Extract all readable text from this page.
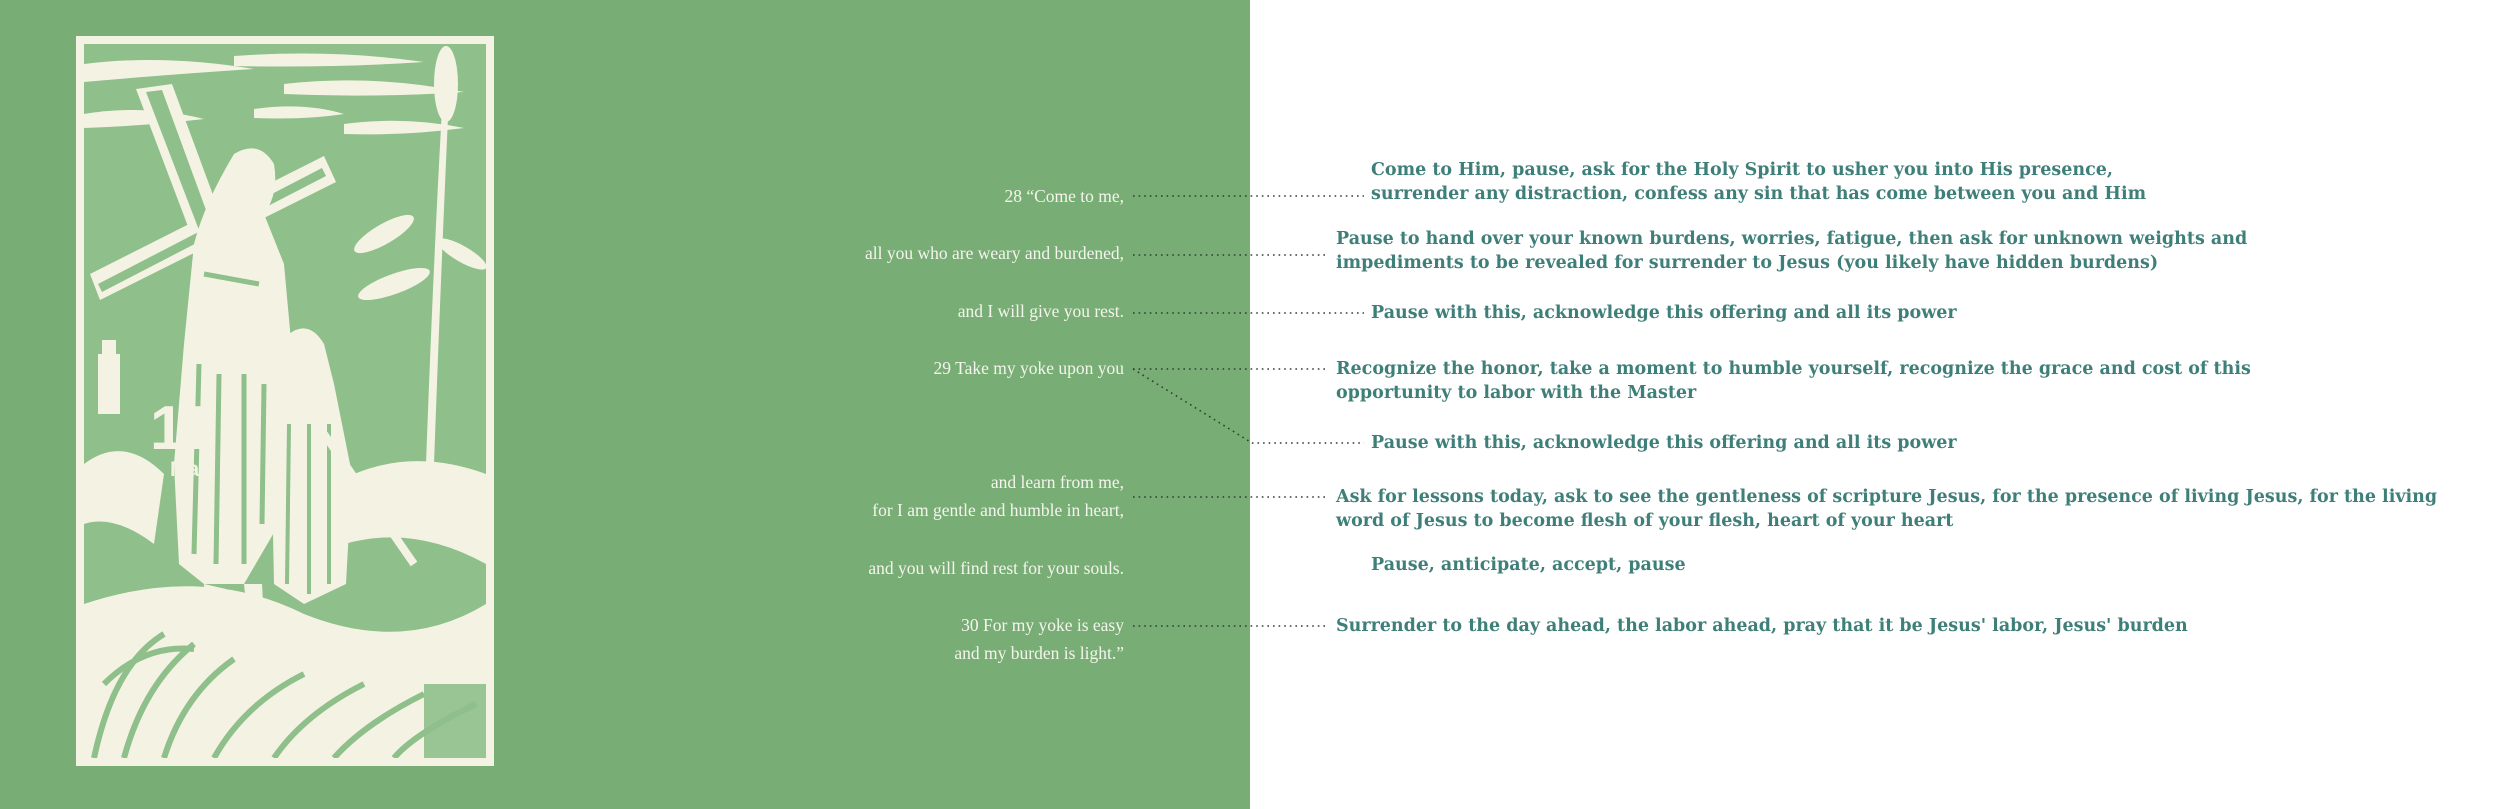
11
Matt
28 “Come to me,
all you who are weary and burdened,
and I will give you rest.
29 Take my yoke upon you
and learn from me,
for I am gentle and humble in heart,
and you will find rest for your souls.
30 For my yoke is easy
and my burden is light.”
Come to Him, pause, ask for the Holy Spirit to usher you into His presence,
surrender any distraction, confess any sin that has come between you and Him
Pause to hand over your known burdens, worries, fatigue, then ask for unknown weights and
impediments to be revealed for surrender to Jesus (you likely have hidden burdens)
Pause with this, acknowledge this offering and all its power
Recognize the honor, take a moment to humble yourself, recognize the grace and cost of this
opportunity to labor with the Master
Pause with this, acknowledge this offering and all its power
Ask for lessons today, ask to see the gentleness of scripture Jesus, for the presence of living Jesus, for the living
word of Jesus to become flesh of your flesh, heart of your heart
Pause, anticipate, accept, pause
Surrender to the day ahead, the labor ahead, pray that it be Jesus' labor, Jesus' burden
